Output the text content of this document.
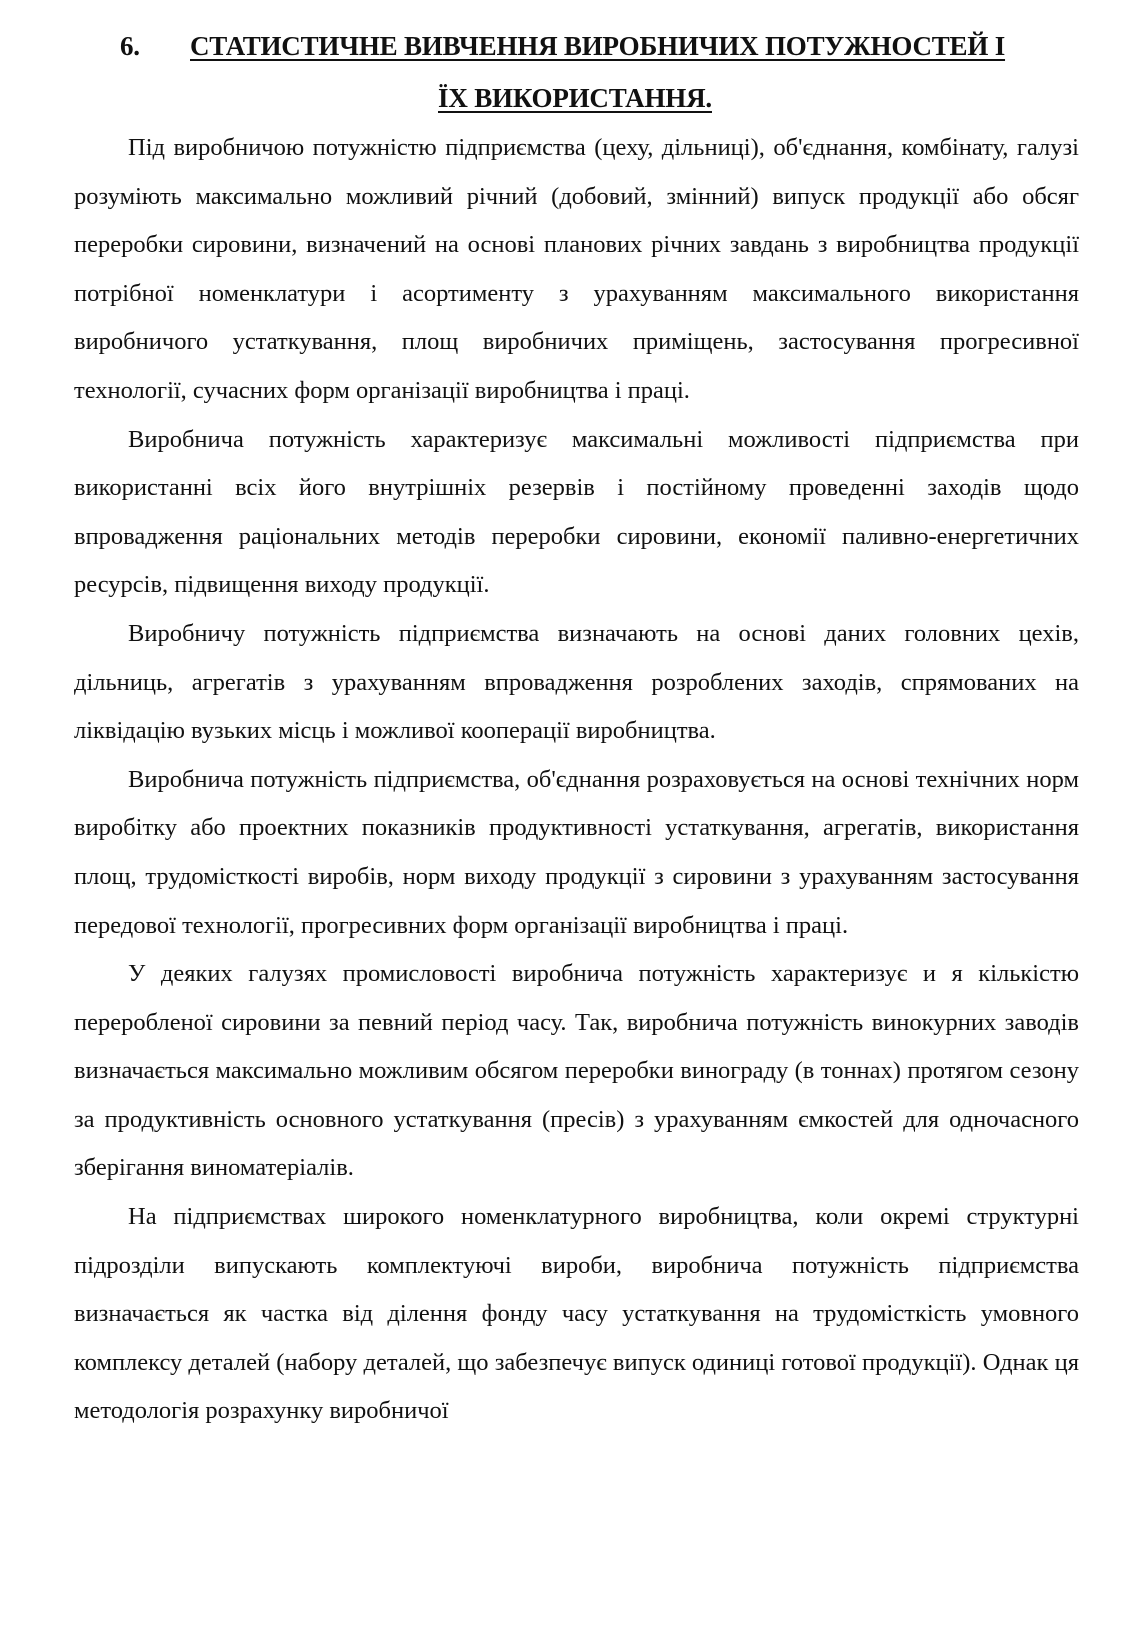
6.	СТАТИСТИЧНЕ ВИВЧЕННЯ ВИРОБНИЧИХ ПОТУЖНОСТЕЙ І
ЇХ ВИКОРИСТАННЯ.

Під виробничою потужністю підприємства (цеху, дільниці), об'єднання, комбінату, галузі розуміють максимально можливий річний (добовий, змінний) випуск продукції або обсяг переробки сировини, визначений на основі планових річних завдань з виробництва продукції потрібної номенклатури і асортименту з урахуванням максимального використання виробничого устаткування, площ виробничих приміщень, застосування прогресивної технології, сучасних форм організації виробництва і праці.

Виробнича потужність характеризує максимальні можливості підприємства при використанні всіх його внутрішніх резервів і постійному проведенні заходів щодо впровадження раціональних методів переробки сировини, економії паливно-енергетичних ресурсів, підвищення виходу продукції.

Виробничу потужність підприємства визначають на основі даних головних цехів, дільниць, агрегатів з урахуванням впровадження розроблених заходів, спрямованих на ліквідацію вузьких місць і можливої кооперації виробництва.

Виробнича потужність підприємства, об'єднання розраховується на основі технічних норм виробітку або проектних показників продуктивності устаткування, агрегатів, використання площ, трудомісткості виробів, норм виходу продукції з сировини з урахуванням застосування передової технології, прогресивних форм організації виробництва і праці.

У деяких галузях промисловості виробнича потужність характеризує и я кількістю переробленої сировини за певний період часу. Так, виробнича потужність винокурних заводів визначається максимально можливим обсягом переробки винограду (в тоннах) протягом сезону за продуктивність основного устаткування (пресів) з урахуванням ємкостей для одночасного зберігання виноматеріалів.

На підприємствах широкого номенклатурного виробництва, коли окремі структурні підрозділи випускають комплектуючі вироби, виробнича потужність підприємства визначається як частка від ділення фонду часу устаткування на трудомісткість умовного комплексу деталей (набору деталей, що забезпечує випуск одиниці готової продукції). Однак ця методологія розрахунку виробничої
